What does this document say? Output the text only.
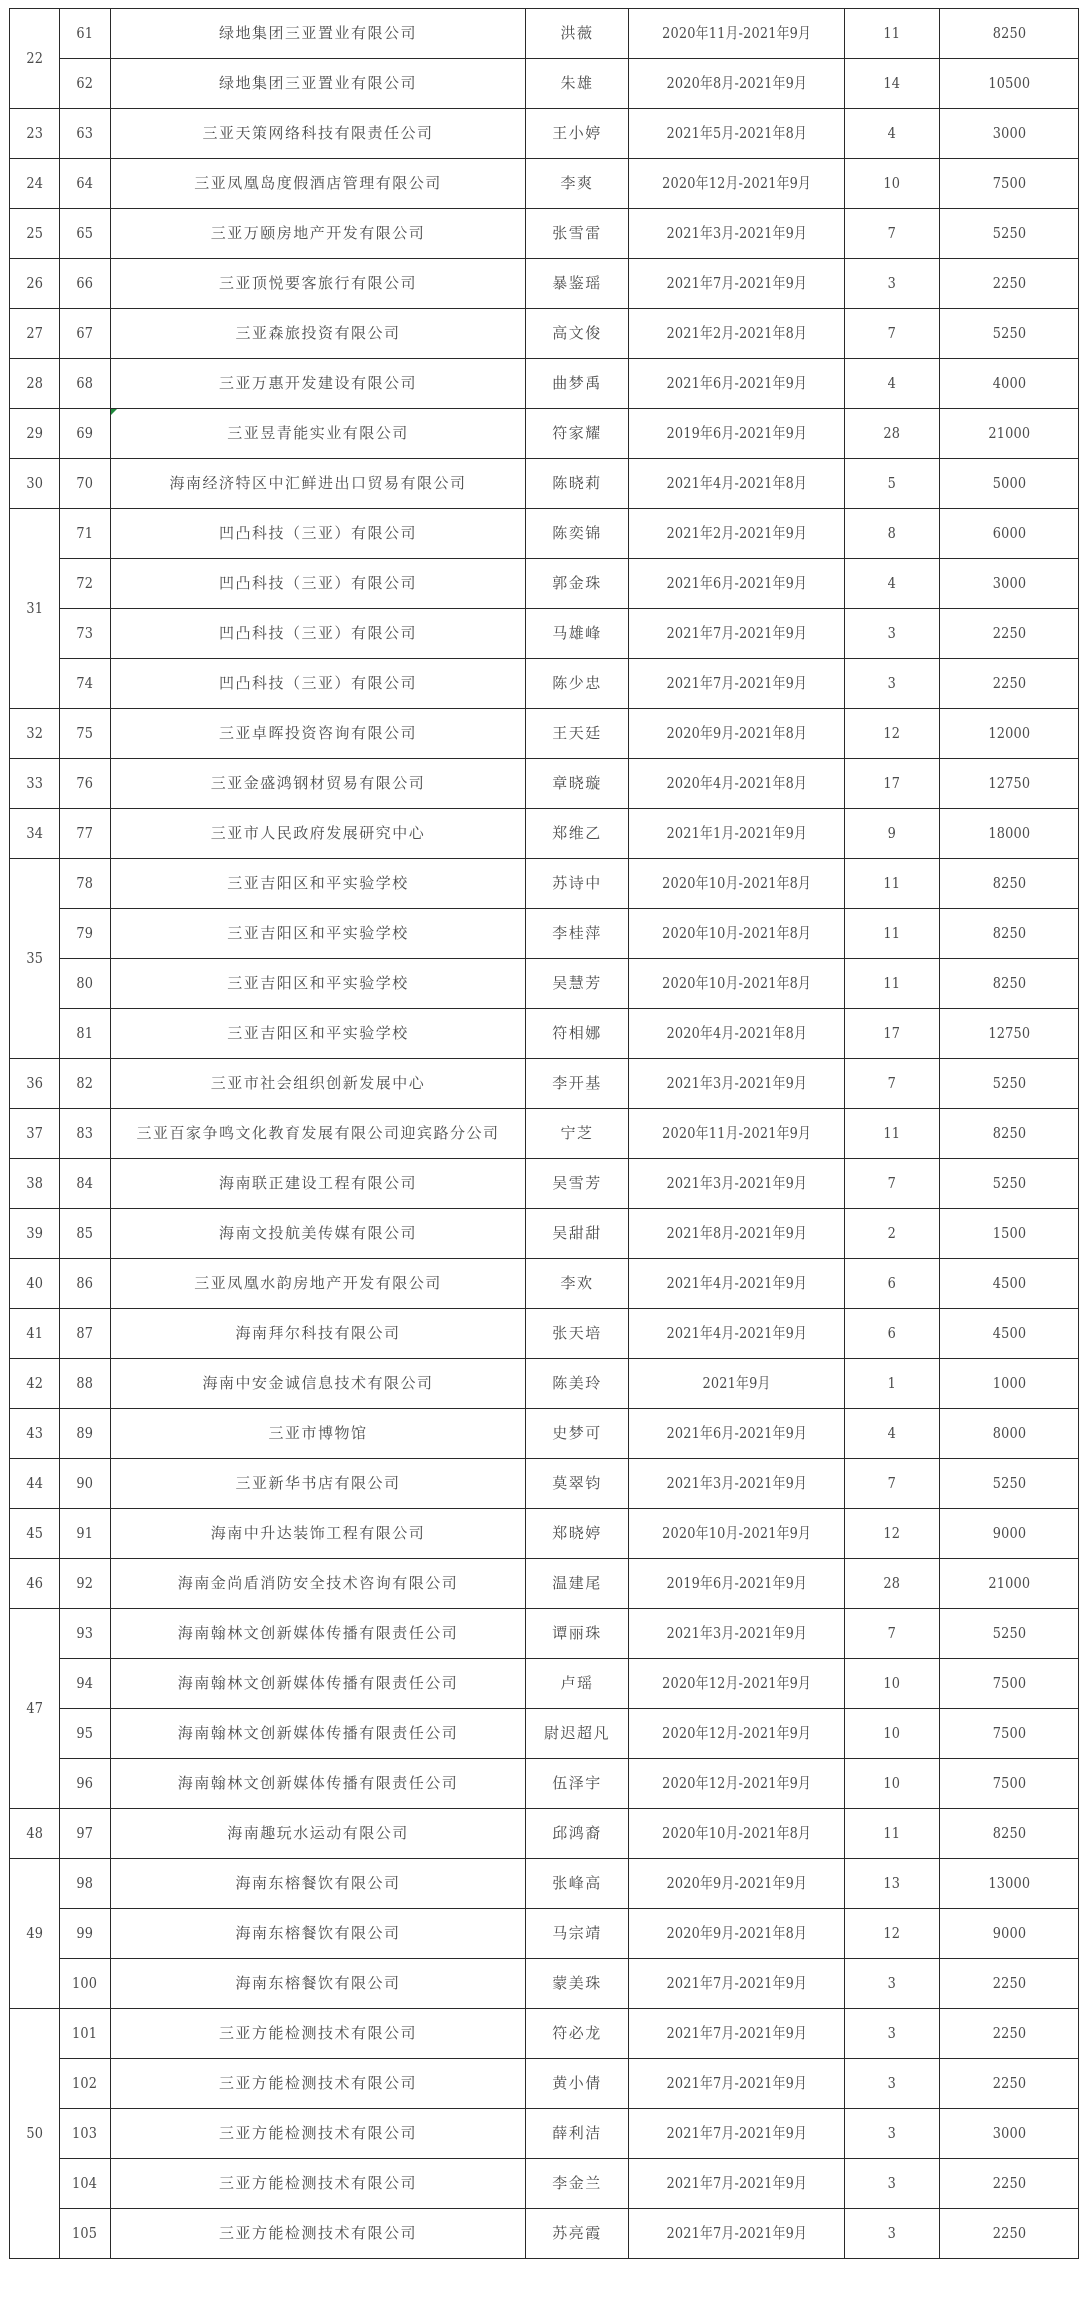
22	61	绿地集团三亚置业有限公司	洪薇	2020年11月-2021年9月	11	8250
	62	绿地集团三亚置业有限公司	朱雄	2020年8月-2021年9月	14	10500
23	63	三亚天策网络科技有限责任公司	王小婷	2021年5月-2021年8月	4	3000
24	64	三亚凤凰岛度假酒店管理有限公司	李爽	2020年12月-2021年9月	10	7500
25	65	三亚万颐房地产开发有限公司	张雪雷	2021年3月-2021年9月	7	5250
26	66	三亚顶悦要客旅行有限公司	暴鉴瑶	2021年7月-2021年9月	3	2250
27	67	三亚森旅投资有限公司	高文俊	2021年2月-2021年8月	7	5250
28	68	三亚万惠开发建设有限公司	曲梦禹	2021年6月-2021年9月	4	4000
29	69	三亚昱青能实业有限公司	符家耀	2019年6月-2021年9月	28	21000
30	70	海南经济特区中汇鲜进出口贸易有限公司	陈晓莉	2021年4月-2021年8月	5	5000
31	71	凹凸科技（三亚）有限公司	陈奕锦	2021年2月-2021年9月	8	6000
	72	凹凸科技（三亚）有限公司	郭金珠	2021年6月-2021年9月	4	3000
	73	凹凸科技（三亚）有限公司	马雄峰	2021年7月-2021年9月	3	2250
	74	凹凸科技（三亚）有限公司	陈少忠	2021年7月-2021年9月	3	2250
32	75	三亚卓晖投资咨询有限公司	王天廷	2020年9月-2021年8月	12	12000
33	76	三亚金盛鸿钢材贸易有限公司	章晓璇	2020年4月-2021年8月	17	12750
34	77	三亚市人民政府发展研究中心	郑维乙	2021年1月-2021年9月	9	18000
35	78	三亚吉阳区和平实验学校	苏诗中	2020年10月-2021年8月	11	8250
	79	三亚吉阳区和平实验学校	李桂萍	2020年10月-2021年8月	11	8250
	80	三亚吉阳区和平实验学校	吴慧芳	2020年10月-2021年8月	11	8250
	81	三亚吉阳区和平实验学校	符相娜	2020年4月-2021年8月	17	12750
36	82	三亚市社会组织创新发展中心	李开基	2021年3月-2021年9月	7	5250
37	83	三亚百家争鸣文化教育发展有限公司迎宾路分公司	宁芝	2020年11月-2021年9月	11	8250
38	84	海南联正建设工程有限公司	吴雪芳	2021年3月-2021年9月	7	5250
39	85	海南文投航美传媒有限公司	吴甜甜	2021年8月-2021年9月	2	1500
40	86	三亚凤凰水韵房地产开发有限公司	李欢	2021年4月-2021年9月	6	4500
41	87	海南拜尔科技有限公司	张天培	2021年4月-2021年9月	6	4500
42	88	海南中安金诚信息技术有限公司	陈美玲	2021年9月	1	1000
43	89	三亚市博物馆	史梦可	2021年6月-2021年9月	4	8000
44	90	三亚新华书店有限公司	莫翠钧	2021年3月-2021年9月	7	5250
45	91	海南中升达装饰工程有限公司	郑晓婷	2020年10月-2021年9月	12	9000
46	92	海南金尚盾消防安全技术咨询有限公司	温建尾	2019年6月-2021年9月	28	21000
47	93	海南翰林文创新媒体传播有限责任公司	谭丽珠	2021年3月-2021年9月	7	5250
	94	海南翰林文创新媒体传播有限责任公司	卢瑶	2020年12月-2021年9月	10	7500
	95	海南翰林文创新媒体传播有限责任公司	尉迟超凡	2020年12月-2021年9月	10	7500
	96	海南翰林文创新媒体传播有限责任公司	伍泽宇	2020年12月-2021年9月	10	7500
48	97	海南趣玩水运动有限公司	邱鸿裔	2020年10月-2021年8月	11	8250
49	98	海南东榕餐饮有限公司	张峰高	2020年9月-2021年9月	13	13000
	99	海南东榕餐饮有限公司	马宗靖	2020年9月-2021年8月	12	9000
	100	海南东榕餐饮有限公司	蒙美珠	2021年7月-2021年9月	3	2250
50	101	三亚方能检测技术有限公司	符必龙	2021年7月-2021年9月	3	2250
	102	三亚方能检测技术有限公司	黄小倩	2021年7月-2021年9月	3	2250
	103	三亚方能检测技术有限公司	薛利洁	2021年7月-2021年9月	3	3000
	104	三亚方能检测技术有限公司	李金兰	2021年7月-2021年9月	3	2250
	105	三亚方能检测技术有限公司	苏亮霞	2021年7月-2021年9月	3	2250
